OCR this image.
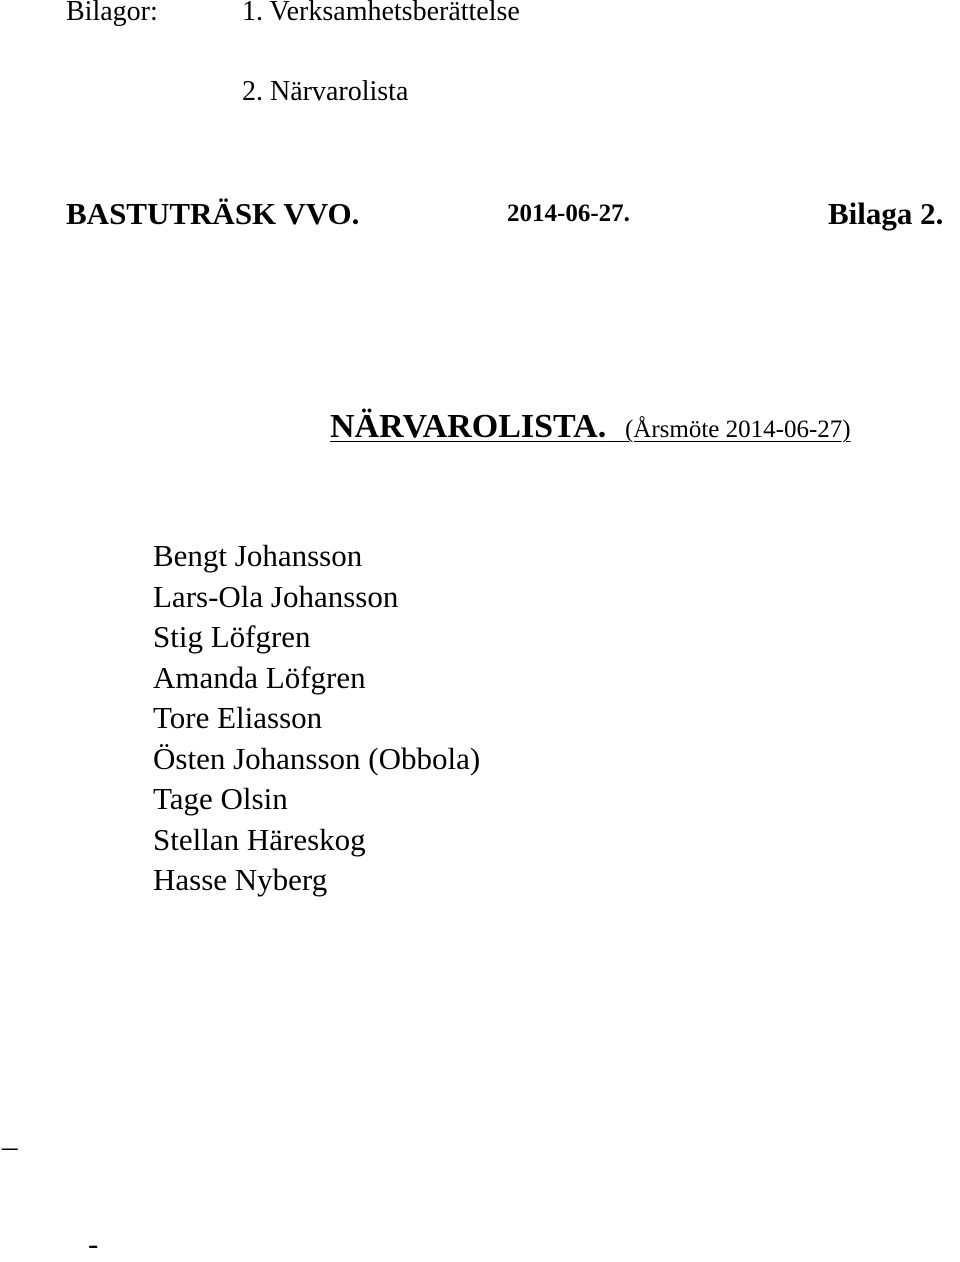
Bilagor:	1. Verksamhetsberättelse
2. Närvarolista
BASTUTRÄSK VVO.	2014-06-27.	Bilaga 2.
NÄRVAROLISTA. (Årsmöte 2014-06-27)
Bengt Johansson
Lars-Ola Johansson
Stig Löfgren
Amanda Löfgren
Tore Eliasson
Östen Johansson (Obbola)
Tage Olsin
Stellan Häreskog
Hasse Nyberg
_
-
